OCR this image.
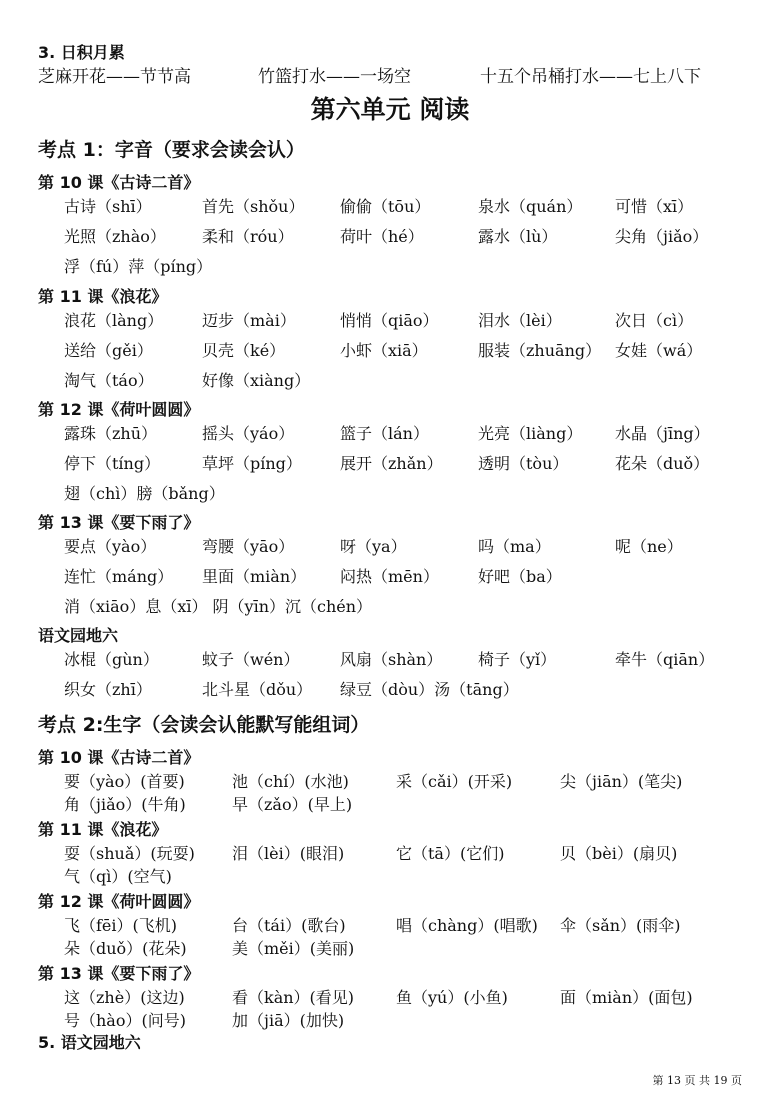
3. 日积月累
芝麻开花——节节高	竹篮打水——一场空	十五个吊桶打水——七上八下
第六单元 阅读
考点 1：字音（要求会读会认）
第 10 课《古诗二首》
古诗（shī）	首先（shǒu） 偷偷（tōu）	泉水（quán） 可惜（xī）
光照（zhào） 柔和（róu）	荷叶（hé）	露水（lù）	尖角（jiǎo）
浮（fú）萍（píng）
第 11 课《浪花》
浪花（làng） 迈步（mài）	悄悄（qiāo） 泪水（lèi）	次日（cì）
送给（gěi）	贝壳（ké）	小虾（xiā）	服装（zhuāng） 女娃（wá）
淘气（táo）	好像（xiàng）
第 12 课《荷叶圆圆》
露珠（zhū）	摇头（yáo）	篮子（lán）	光亮（liàng） 水晶（jīng）
停下（tíng）	草坪（píng） 展开（zhǎn） 透明（tòu）	花朵（duǒ）
翅（chì）膀（bǎng）
第 13 课《要下雨了》
要点（yào）	弯腰（yāo）	呀（ya）	吗（ma）	呢（ne）
连忙（máng） 里面（miàn） 闷热（mēn） 好吧（ba）
消（xiāo）息（xī） 阴（yīn）沉（chén）
语文园地六
冰棍（gùn）	蚊子（wén）	风扇（shàn） 椅子（yǐ）	牵牛（qiān）
织女（zhī）	北斗星（dǒu） 绿豆（dòu）汤（tāng）
考点 2:生字（会读会认能默写能组词）
第 10 课《古诗二首》
要（yào）(首要)	池（chí）(水池)	采（cǎi）(开采)	尖（jiān）(笔尖)
角（jiǎo）(牛角)	早（zǎo）(早上)
第 11 课《浪花》
耍（shuǎ）(玩耍) 泪（lèi）(眼泪)	它（tā）(它们)	贝（bèi）(扇贝)
气（qì）(空气)
第 12 课《荷叶圆圆》
飞（fēi）(飞机)	台（tái）(歌台)	唱（chàng）(唱歌) 伞（sǎn）(雨伞)
朵（duǒ）(花朵)	美（měi）(美丽)
第 13 课《要下雨了》
这（zhè）(这边)	看（kàn）(看见)	鱼（yú）(小鱼)	面（miàn）(面包)
号（hào）(问号)	加（jiā）(加快)
5. 语文园地六
第 13 页 共 19 页
